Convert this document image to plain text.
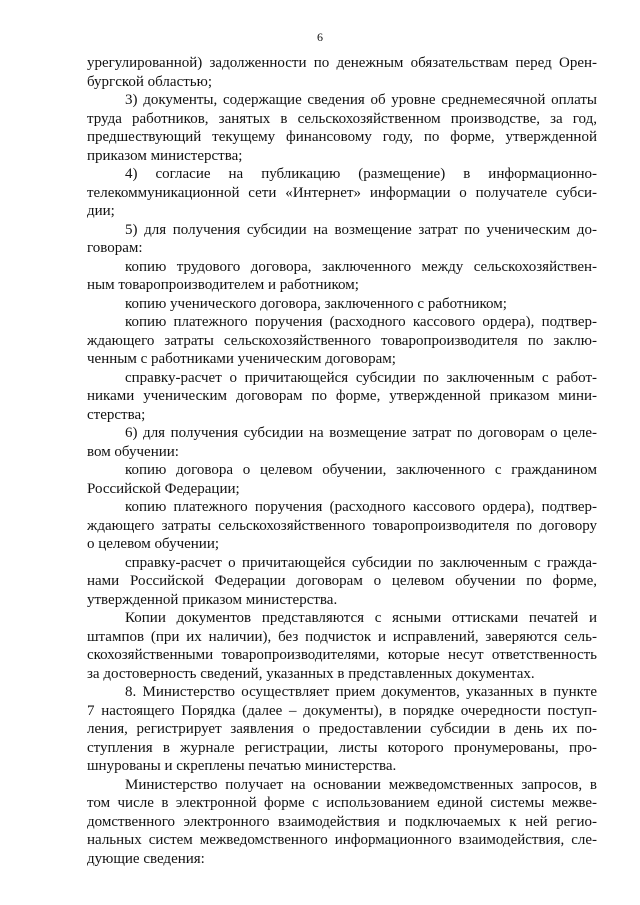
6
урегулированной) задолженности по денежным обязательствам перед Орен-
бургской областью;
3) документы, содержащие сведения об уровне среднемесячной оплаты
труда работников, занятых в сельскохозяйственном производстве, за год,
предшествующий текущему финансовому году, по форме, утвержденной
приказом министерства;
4) согласие на публикацию (размещение) в информационно-
телекоммуникационной сети «Интернет» информации о получателе субси-
дии;
5) для получения субсидии на возмещение затрат по ученическим до-
говорам:
копию трудового договора, заключенного между сельскохозяйствен-
ным товаропроизводителем и работником;
копию ученического договора, заключенного с работником;
копию платежного поручения (расходного кассового ордера), подтвер-
ждающего затраты сельскохозяйственного товаропроизводителя по заклю-
ченным с работниками ученическим договорам;
справку-расчет о причитающейся субсидии по заключенным с работ-
никами ученическим договорам по форме, утвержденной приказом мини-
стерства;
6) для получения субсидии на возмещение затрат по договорам о целе-
вом обучении:
копию договора о целевом обучении, заключенного с гражданином
Российской Федерации;
копию платежного поручения (расходного кассового ордера), подтвер-
ждающего затраты сельскохозяйственного товаропроизводителя по договору
о целевом обучении;
справку-расчет о причитающейся субсидии по заключенным с гражда-
нами Российской Федерации договорам о целевом обучении по форме,
утвержденной приказом министерства.
Копии документов представляются с ясными оттисками печатей и
штампов (при их наличии), без подчисток и исправлений, заверяются сель-
скохозяйственными товаропроизводителями, которые несут ответственность
за достоверность сведений, указанных в представленных документах.
8. Министерство осуществляет прием документов, указанных в пункте
7 настоящего Порядка (далее – документы), в порядке очередности поступ-
ления, регистрирует заявления о предоставлении субсидии в день их по-
ступления в журнале регистрации, листы которого пронумерованы, про-
шнурованы и скреплены печатью министерства.
Министерство получает на основании межведомственных запросов, в
том числе в электронной форме с использованием единой системы межве-
домственного электронного взаимодействия и подключаемых к ней регио-
нальных систем межведомственного информационного взаимодействия, сле-
дующие сведения:
